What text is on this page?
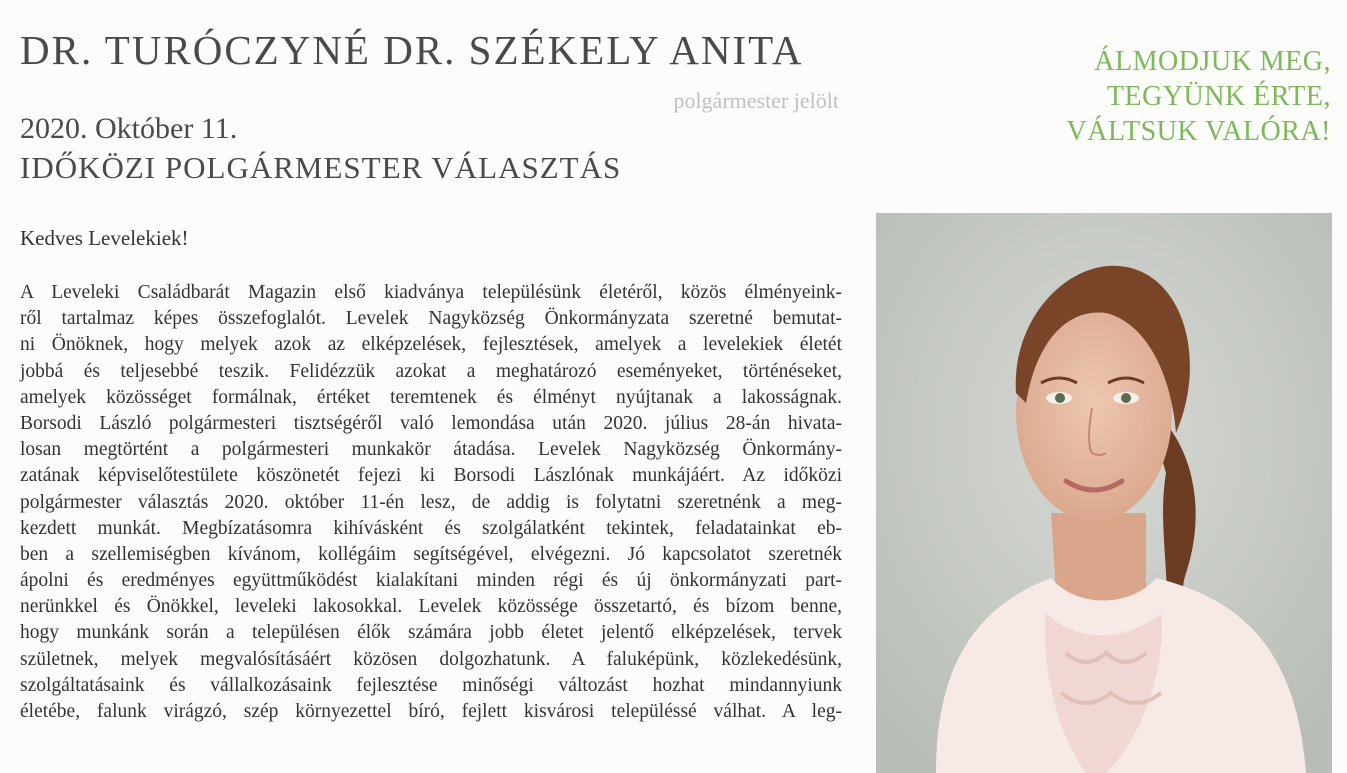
DR. TURÓCZYNÉ DR. SZÉKELY ANITA
polgármester jelölt
2020. Október 11.
IDŐKÖZI POLGÁRMESTER VÁLASZTÁS
ÁLMODJUK MEG,
TEGYÜNK ÉRTE,
VÁLTSUK VALÓRA!
Kedves Levelekiek!
A Leveleki Családbarát Magazin első kiadványa településünk életéről, közös élményeink-
ről tartalmaz képes összefoglalót. Levelek Nagyközség Önkormányzata szeretné bemutat-
ni Önöknek, hogy melyek azok az elképzelések, fejlesztések, amelyek a levelekiek életét
jobbá és teljesebbé teszik. Felidézzük azokat a meghatározó eseményeket, történéseket,
amelyek közösséget formálnak, értéket teremtenek és élményt nyújtanak a lakosságnak.
Borsodi László polgármesteri tisztségéről való lemondása után 2020. július 28-án hivata-
losan megtörtént a polgármesteri munkakör átadása. Levelek Nagyközség Önkormány-
zatának képviselőtestülete köszönetét fejezi ki Borsodi Lászlónak munkájáért. Az időközi
polgármester választás 2020. október 11-én lesz, de addig is folytatni szeretnénk a meg-
kezdett munkát. Megbízatásomra kihívásként és szolgálatként tekintek, feladatainkat eb-
ben a szellemiségben kívánom, kollégáim segítségével, elvégezni. Jó kapcsolatot szeretnék
ápolni és eredményes együttműködést kialakítani minden régi és új önkormányzati part-
nerünkkel és Önökkel, leveleki lakosokkal. Levelek közössége összetartó, és bízom benne,
hogy munkánk során a településen élők számára jobb életet jelentő elképzelések, tervek
születnek, melyek megvalósításáért közösen dolgozhatunk. A faluképünk, közlekedésünk,
szolgáltatásaink és vállalkozásaink fejlesztése minőségi változást hozhat mindannyiunk
életébe, falunk virágzó, szép környezettel bíró, fejlett kisvárosi településsé válhat. A leg-
